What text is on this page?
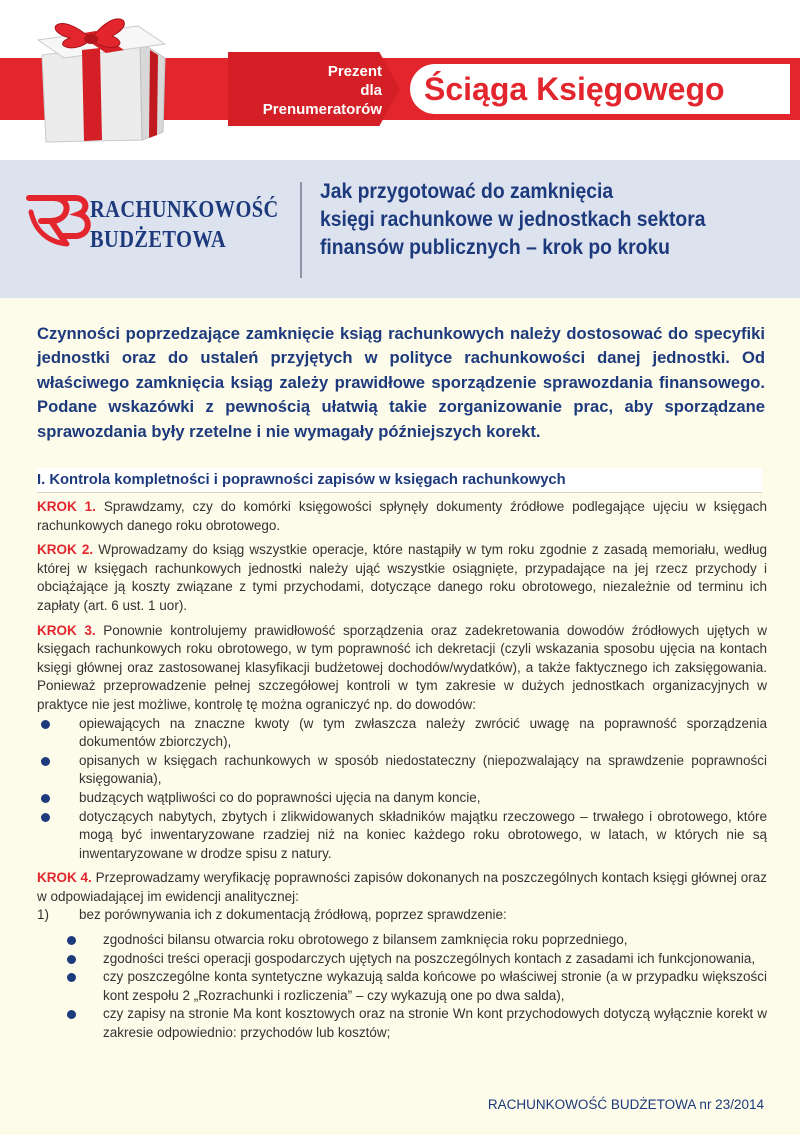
Prezent
dla Prenumeratorów
Ściąga Księgowego
RACHUNKOWOŚĆ
BUDŻETOWA
Jak przygotować do zamknięcia
księgi rachunkowe w jednostkach sektora
finansów publicznych – krok po kroku
Czynności poprzedzające zamknięcie ksiąg rachunkowych należy dostosować do specyfiki jednostki oraz do ustaleń przyjętych w polityce rachunkowości danej jednostki. Od właściwego zamknięcia ksiąg zależy prawidłowe sporządzenie sprawozdania finansowego. Podane wskazówki z pewnością ułatwią takie zorganizowanie prac, aby sporządzane sprawozdania były rzetelne i nie wymagały późniejszych korekt.
I. Kontrola kompletności i poprawności zapisów w księgach rachunkowych

KROK 1. Sprawdzamy, czy do komórki księgowości spłynęły dokumenty źródłowe podlegające ujęciu w księgach rachunkowych danego roku obrotowego.

KROK 2. Wprowadzamy do ksiąg wszystkie operacje, które nastąpiły w tym roku zgodnie z zasadą memoriału, według której w księgach rachunkowych jednostki należy ująć wszystkie osiągnięte, przypadające na jej rzecz przychody i obciążające ją koszty związane z tymi przychodami, dotyczące danego roku obrotowego, niezależnie od terminu ich zapłaty (art. 6 ust. 1 uor).

KROK 3. Ponownie kontrolujemy prawidłowość sporządzenia oraz zadekretowania dowodów źródłowych ujętych w księgach rachunkowych roku obrotowego, w tym poprawność ich dekretacji (czyli wskazania sposobu ujęcia na kontach księgi głównej oraz zastosowanej klasyfikacji budżetowej dochodów/wydatków), a także faktycznego ich zaksięgowania. Ponieważ przeprowadzenie pełnej szczegółowej kontroli w tym zakresie w dużych jednostkach organizacyjnych w praktyce nie jest możliwe, kontrolę tę można ograniczyć np. do dowodów:

opiewających na znaczne kwoty (w tym zwłaszcza należy zwrócić uwagę na poprawność sporządzenia dokumentów zbiorczych),
opisanych w księgach rachunkowych w sposób niedostateczny (niepozwalający na sprawdzenie poprawności księgowania),
budzących wątpliwości co do poprawności ujęcia na danym koncie,
dotyczących nabytych, zbytych i zlikwidowanych składników majątku rzeczowego – trwałego i obrotowego, które mogą być inwentaryzowane rzadziej niż na koniec każdego roku obrotowego, w latach, w których nie są inwentaryzowane w drodze spisu z natury.

KROK 4. Przeprowadzamy weryfikację poprawności zapisów dokonanych na poszczególnych kontach księgi głównej oraz w odpowiadającej im ewidencji analitycznej:

1) bez porównywania ich z dokumentacją źródłową, poprzez sprawdzenie:

zgodności bilansu otwarcia roku obrotowego z bilansem zamknięcia roku poprzedniego,
zgodności treści operacji gospodarczych ujętych na poszczególnych kontach z zasadami ich funkcjonowania,
czy poszczególne konta syntetyczne wykazują salda końcowe po właściwej stronie (a w przypadku większości kont zespołu 2 „Rozrachunki i rozliczenia” – czy wykazują one po dwa salda),
czy zapisy na stronie Ma kont kosztowych oraz na stronie Wn kont przychodowych dotyczą wyłącznie korekt w zakresie odpowiednio: przychodów lub kosztów;
RACHUNKOWOŚĆ BUDŻETOWA nr 23/2014
